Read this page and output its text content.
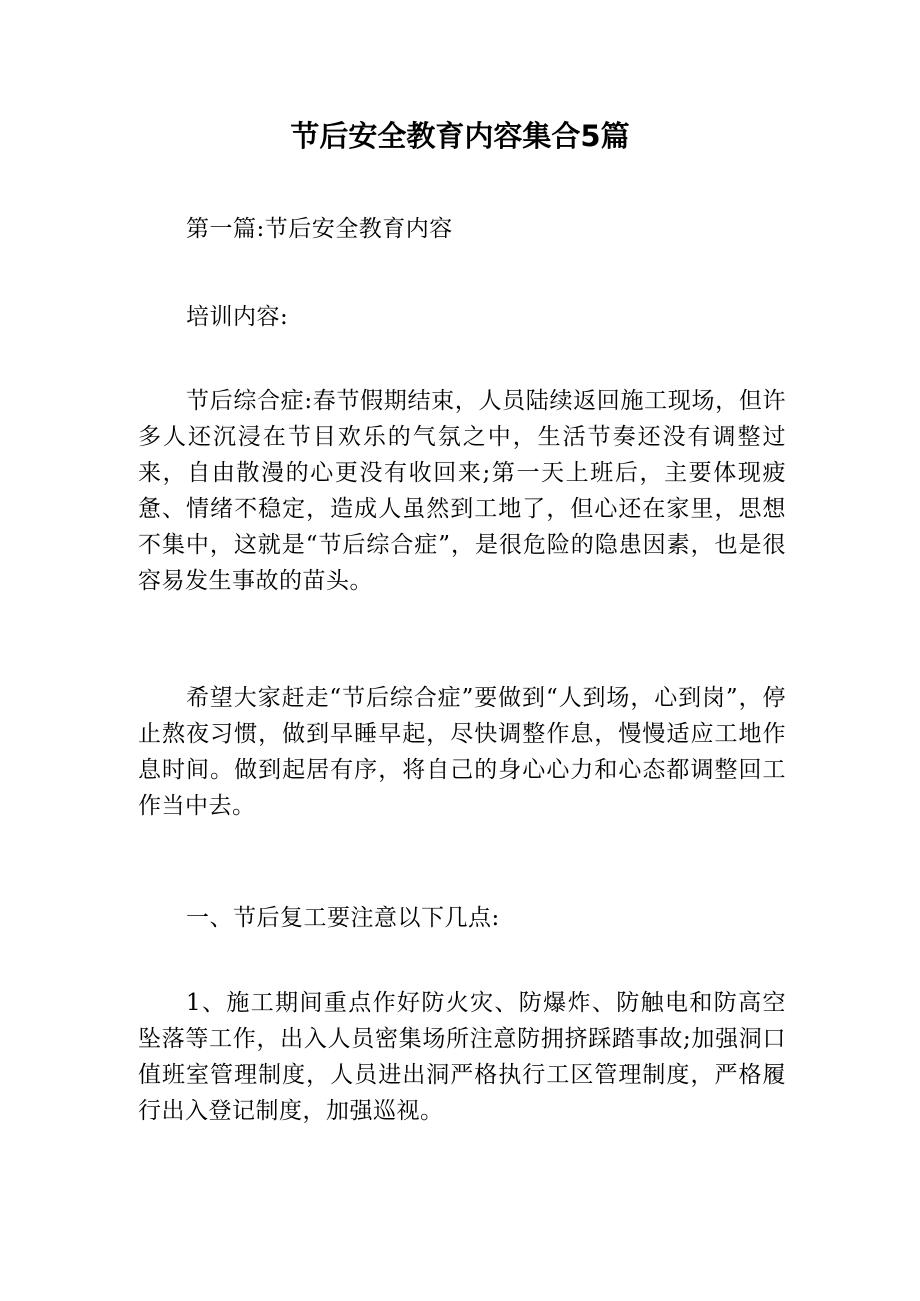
节后安全教育内容集合5篇

第一篇:节后安全教育内容

培训内容:

节后综合症:春节假期结束，人员陆续返回施工现场，但许多人还沉浸在节目欢乐的气氛之中，生活节奏还没有调整过来，自由散漫的心更没有收回来;第一天上班后，主要体现疲惫、情绪不稳定，造成人虽然到工地了，但心还在家里，思想不集中，这就是“节后综合症”，是很危险的隐患因素，也是很容易发生事故的苗头。

希望大家赶走“节后综合症”要做到“人到场，心到岗”，停止熬夜习惯，做到早睡早起，尽快调整作息，慢慢适应工地作息时间。做到起居有序，将自己的身心心力和心态都调整回工作当中去。

一、节后复工要注意以下几点:

1、施工期间重点作好防火灾、防爆炸、防触电和防高空坠落等工作，出入人员密集场所注意防拥挤踩踏事故;加强洞口值班室管理制度，人员进出洞严格执行工区管理制度，严格履行出入登记制度，加强巡视。
